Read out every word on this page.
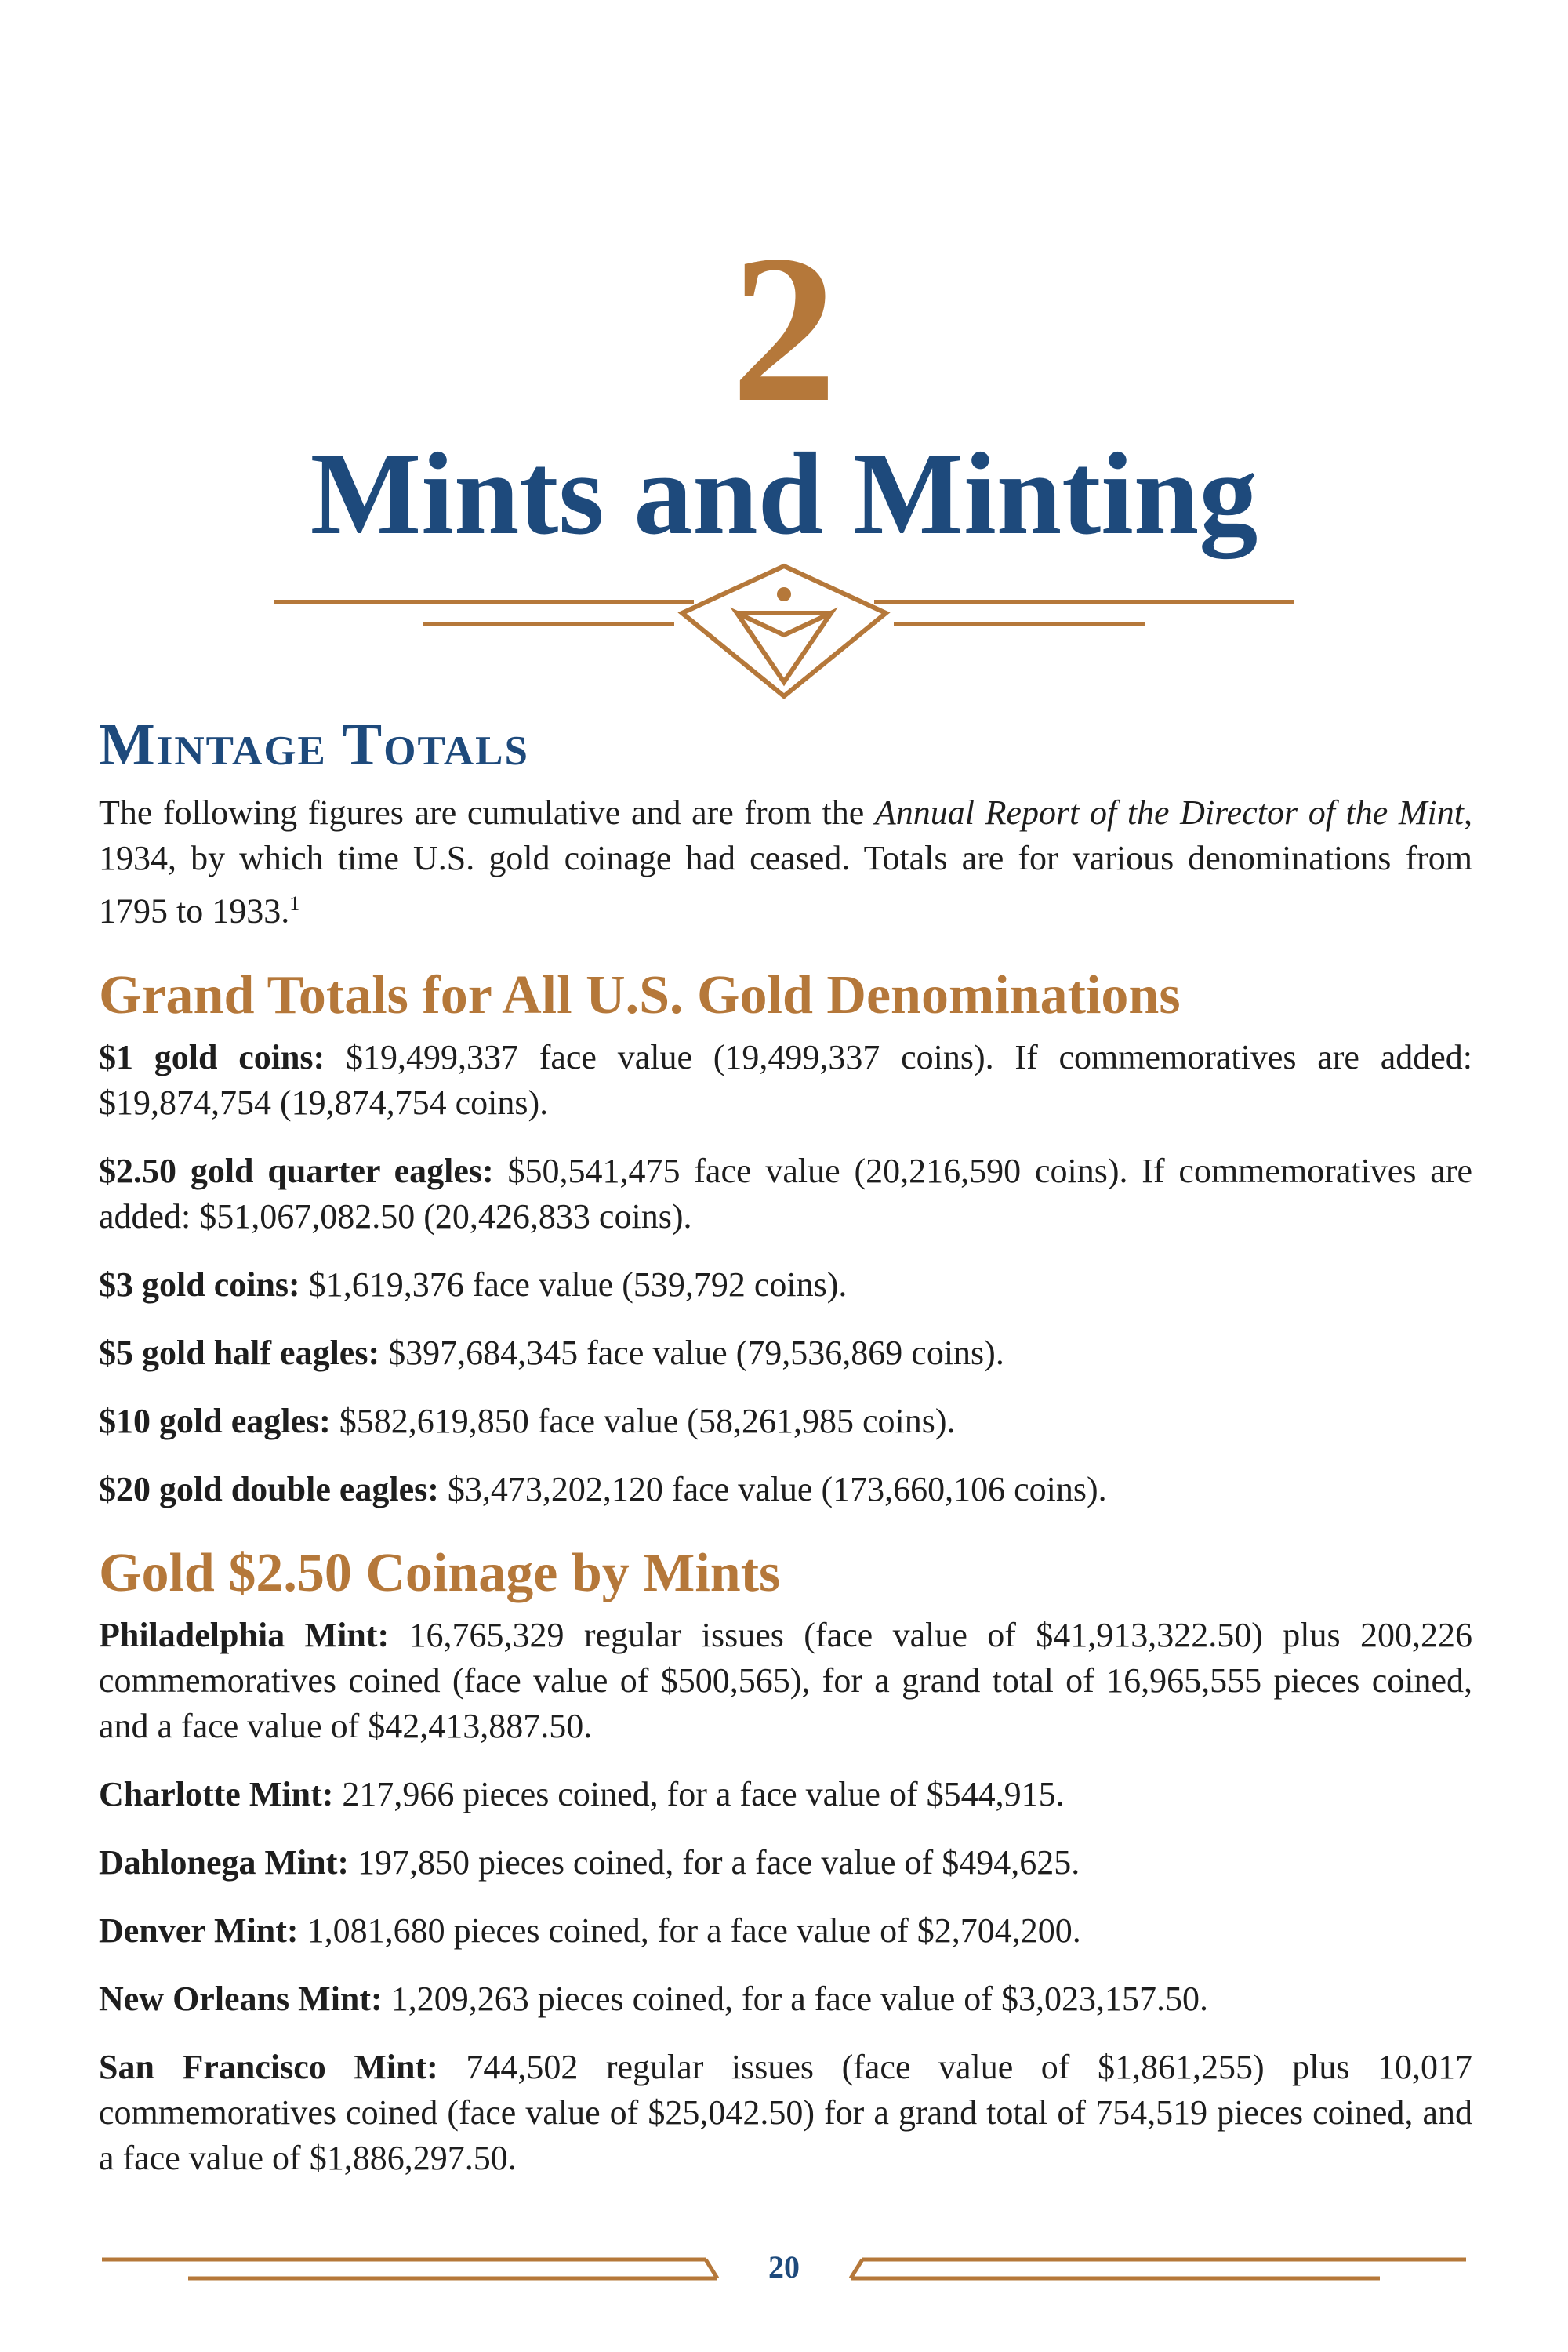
2
Mints and Minting
Mintage Totals

The following figures are cumulative and are from the Annual Report of the Director of the Mint, 1934, by which time U.S. gold coinage had ceased. Totals are for various denominations from 1795 to 1933.$^1$

Grand Totals for All U.S. Gold Denominations

$1 gold coins: $19,499,337 face value (19,499,337 coins). If commemoratives are added: $19,874,754 (19,874,754 coins).

$2.50 gold quarter eagles: $50,541,475 face value (20,216,590 coins). If commemoratives are added: $51,067,082.50 (20,426,833 coins).

$3 gold coins: $1,619,376 face value (539,792 coins).

$5 gold half eagles: $397,684,345 face value (79,536,869 coins).

$10 gold eagles: $582,619,850 face value (58,261,985 coins).

$20 gold double eagles: $3,473,202,120 face value (173,660,106 coins).

Gold $2.50 Coinage by Mints

Philadelphia Mint: 16,765,329 regular issues (face value of $41,913,322.50) plus 200,226 commemoratives coined (face value of $500,565), for a grand total of 16,965,555 pieces coined, and a face value of $42,413,887.50.

Charlotte Mint: 217,966 pieces coined, for a face value of $544,915.

Dahlonega Mint: 197,850 pieces coined, for a face value of $494,625.

Denver Mint: 1,081,680 pieces coined, for a face value of $2,704,200.

New Orleans Mint: 1,209,263 pieces coined, for a face value of $3,023,157.50.

San Francisco Mint: 744,502 regular issues (face value of $1,861,255) plus 10,017 commemoratives coined (face value of $25,042.50) for a grand total of 754,519 pieces coined, and a face value of $1,886,297.50.

20
